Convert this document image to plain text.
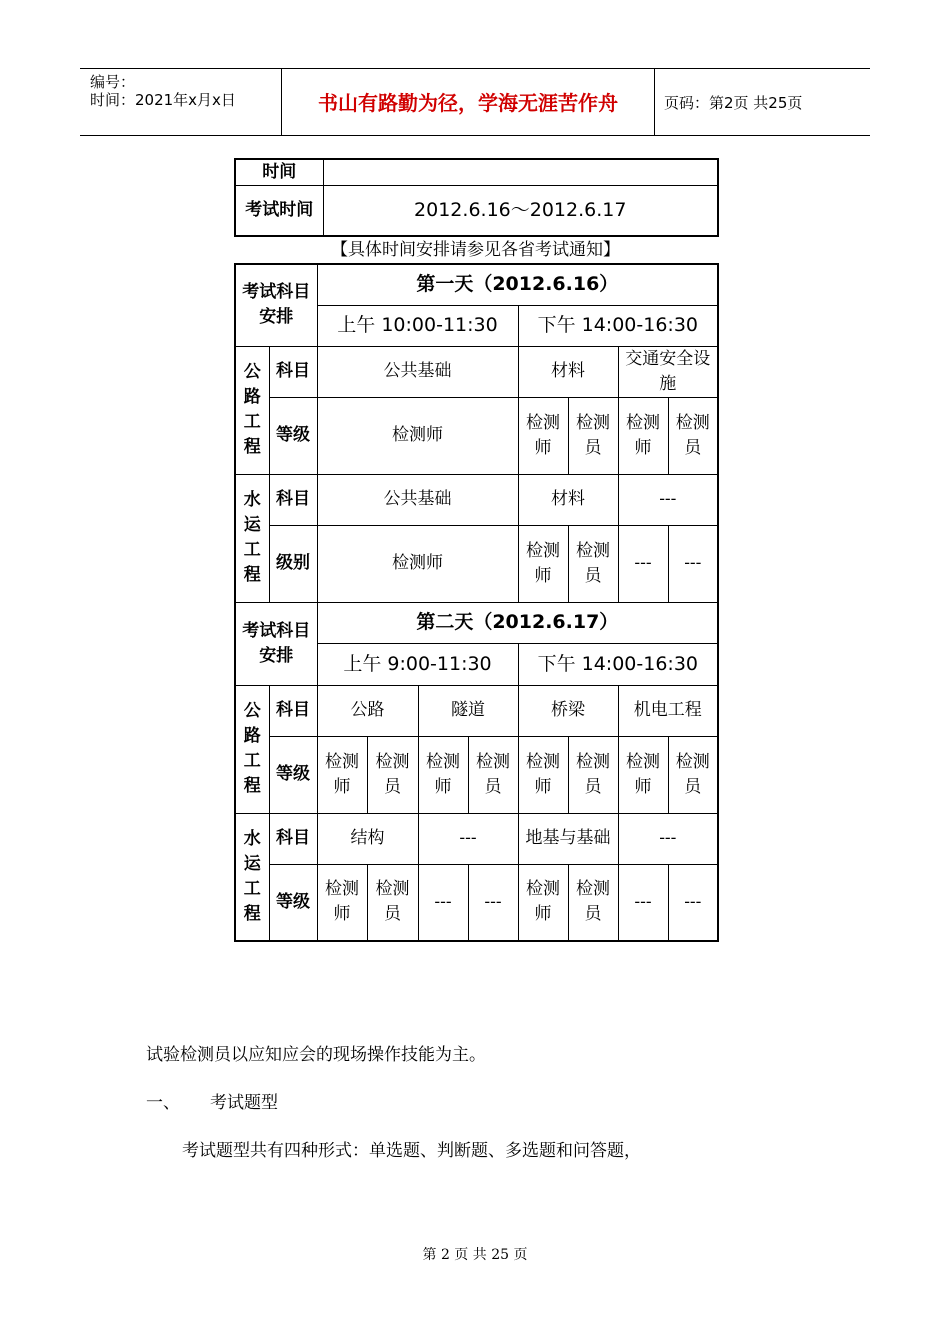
编号：
时间：2021年x月x日	书山有路勤为径，学海无涯苦作舟	页码：第2页 共25页
时间	
考试时间	2012.6.16～2012.6.17
【具体时间安排请参见各省考试通知】
考试科目安排		第一天（2012.6.16）							
		上午 10:00-11:30				下午 14:00-16:30			
公
路
工
程	科目	公共基础				材料		交通安全设施	
	等级	检测师				检测师	检测员	检测师	检测员
水
运
工
程	科目	公共基础				材料		---	
	级别	检测师				检测师	检测员	---	---
考试科目安排		第二天（2012.6.17）							
		上午 9:00-11:30				下午 14:00-16:30			
公
路
工
程	科目	公路		隧道		桥梁		机电工程	
	等级	检测师	检测员	检测师	检测员	检测师	检测员	检测师	检测员
水
运
工
程	科目	结构		---		地基与基础		---	
	等级	检测师	检测员	---	---	检测师	检测员	---	---
试验检测员以应知应会的现场操作技能为主。
一、 考试题型
考试题型共有四种形式：单选题、判断题、多选题和问答题，
第 2 页 共 25 页
